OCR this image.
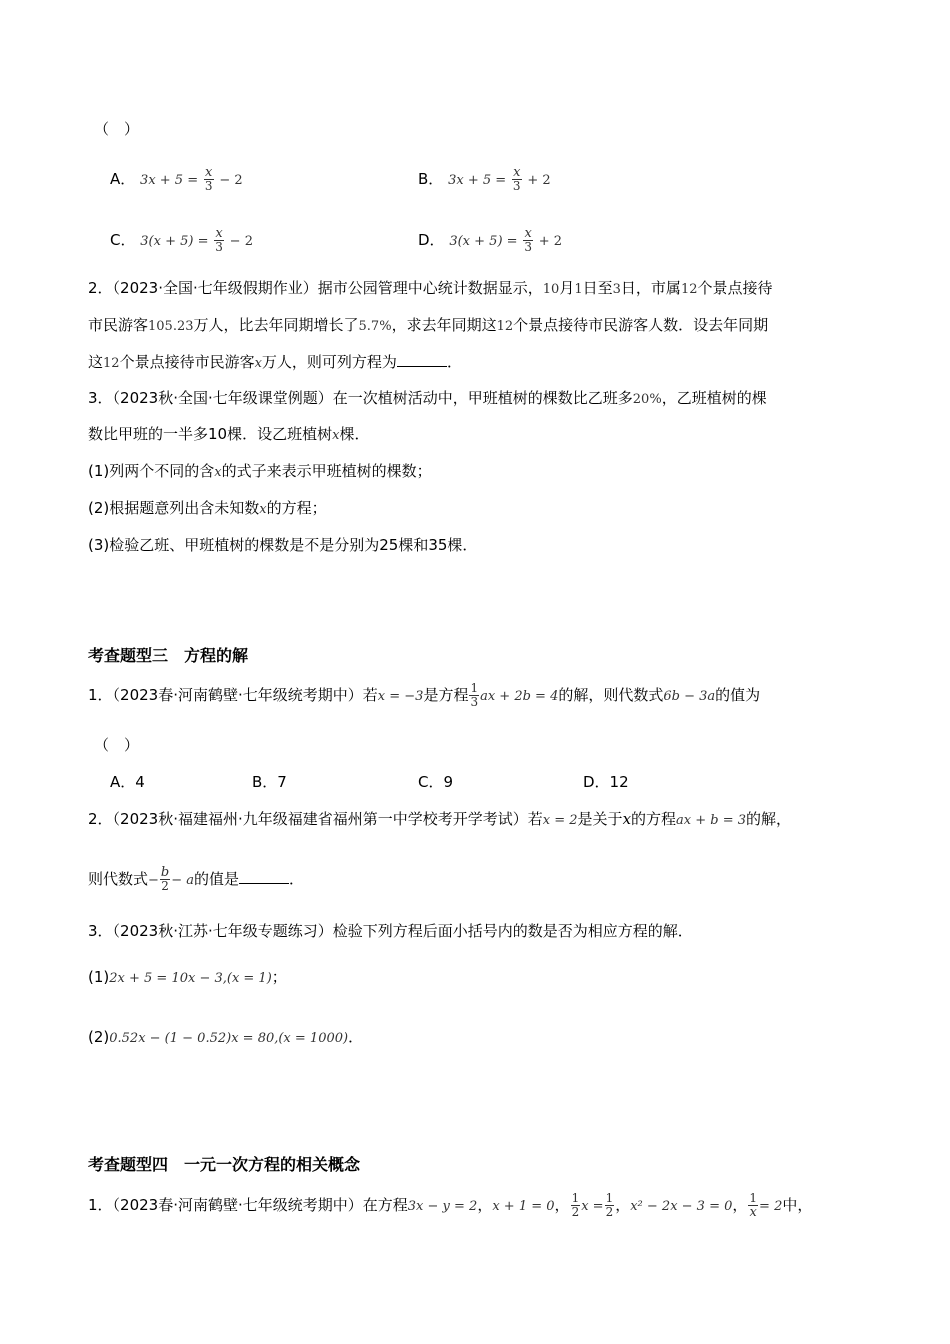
（　）
A． $3x + 5 = \frac{x}{3} - 2$	B． $3x + 5 = \frac{x}{3} + 2$
C． $3(x + 5) = \frac{x}{3} - 2$	D． $3(x + 5) = \frac{x}{3} + 2$
2．（2023·全国·七年级假期作业）据市公园管理中心统计数据显示，10月1日至3日，市属12个景点接待
市民游客105.23万人，比去年同期增长了5.7%，求去年同期这12个景点接待市民游客人数．设去年同期
这12个景点接待市民游客x万人，则可列方程为	．
3．（2023秋·全国·七年级课堂例题）在一次植树活动中，甲班植树的棵数比乙班多20%，乙班植树的棵
数比甲班的一半多10棵．设乙班植树x棵．
(1)列两个不同的含x的式子来表示甲班植树的棵数；
(2)根据题意列出含未知数x的方程；
(3)检验乙班、甲班植树的棵数是不是分别为25棵和35棵．
考查题型三　方程的解
1．（2023春·河南鹤壁·七年级统考期中）若x = −3是方程 $\frac{1}{3}$ ax + 2b = 4的解，则代数式6b − 3a的值为
（　）
A．4	B．7	C．9	D．12
2．（2023秋·福建福州·九年级福建省福州第一中学校考开学考试）若x = 2是关于x的方程ax + b = 3的解，
则代数式− $\frac{b}{2} - a$的值是	．
3．（2023秋·江苏·七年级专题练习）检验下列方程后面小括号内的数是否为相应方程的解．
(1)2x + 5 = 10x − 3,(x = 1)；
(2)0.52x − (1 − 0.52)x = 80,(x = 1000)．
考查题型四　一元一次方程的相关概念
1．（2023春·河南鹤壁·七年级统考期中）在方程3x − y = 2，x + 1 = 0， $\frac{1}{2}$ $x = \frac{1}{2}$ ，x² − 2x − 3 = 0， $\frac{1}{x} = 2$中，
